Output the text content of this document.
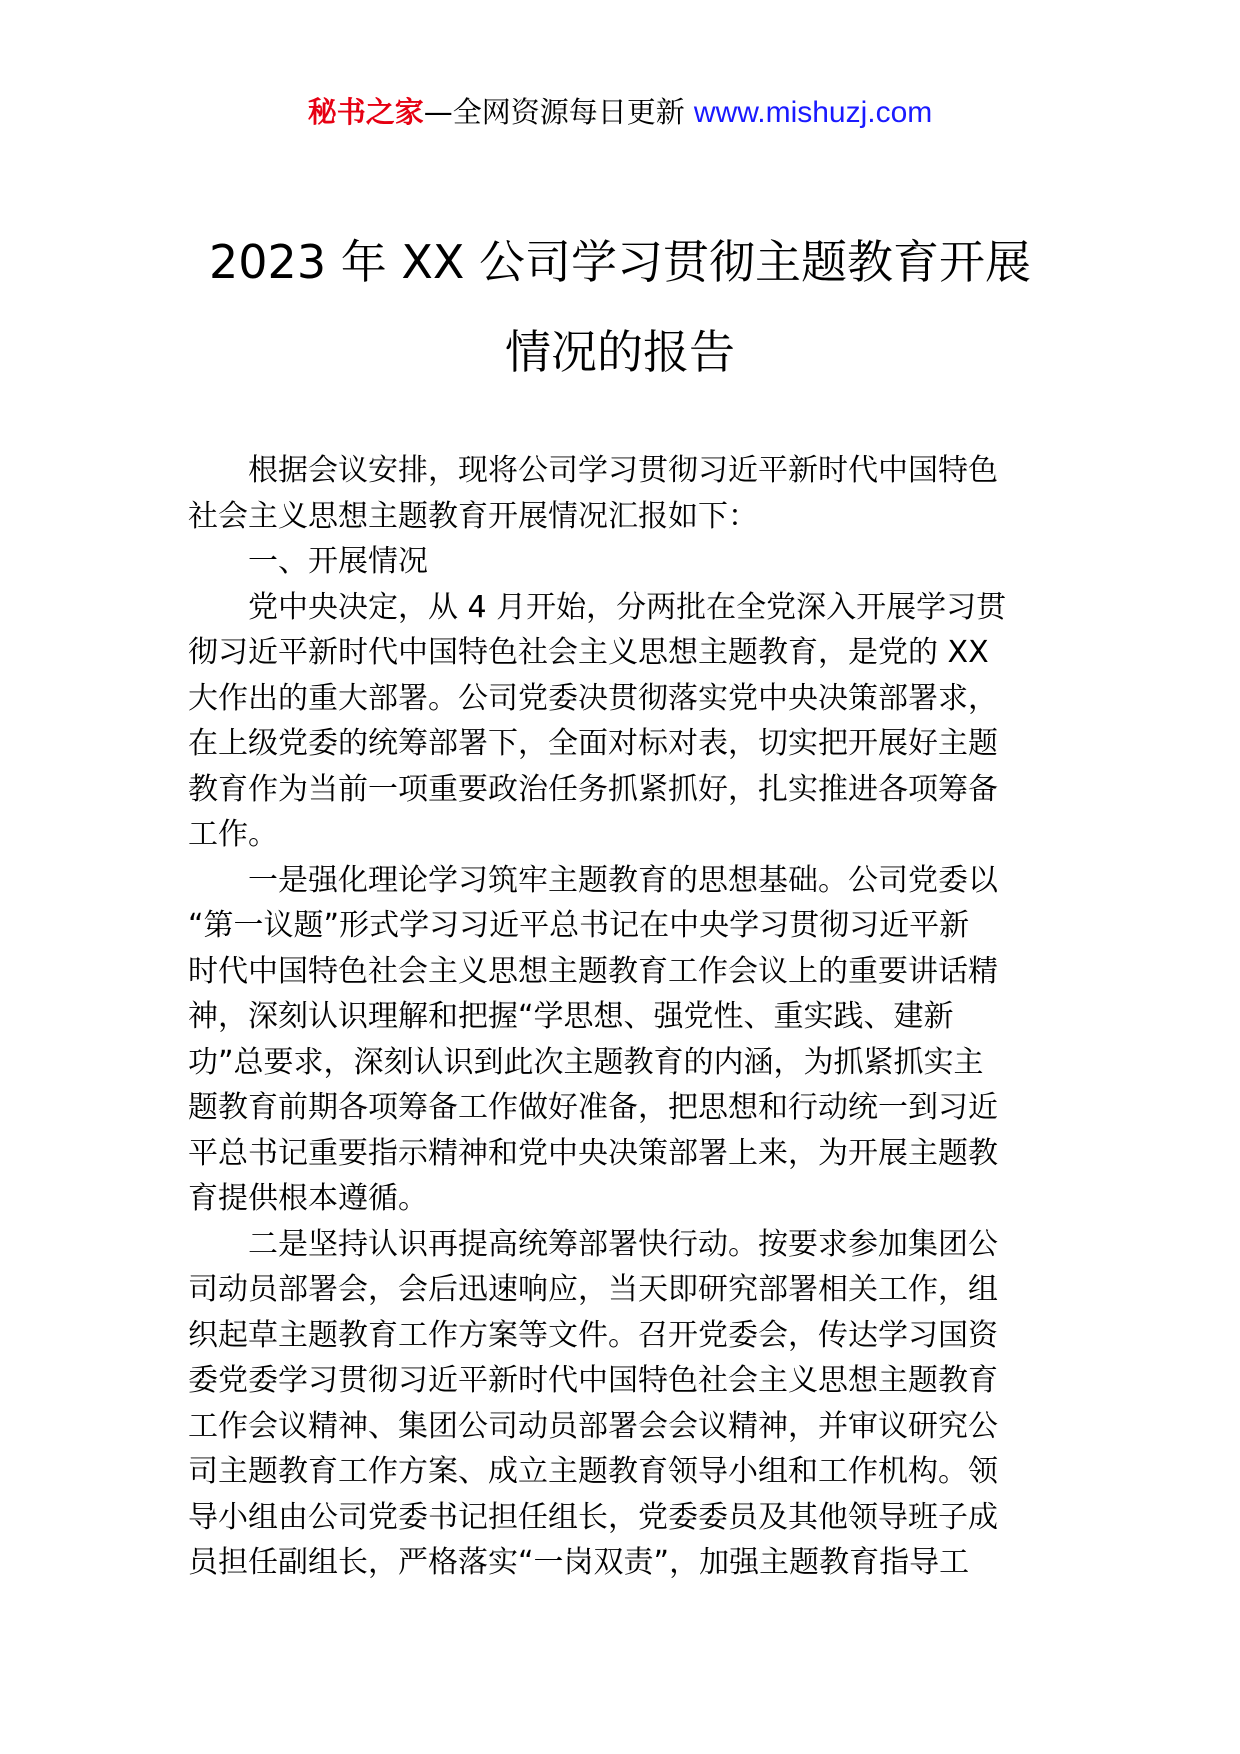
秘书之家—全网资源每日更新 www.mishuzj.com
2023 年 XX 公司学习贯彻主题教育开展
情况的报告

根据会议安排，现将公司学习贯彻习近平新时代中国特色
社会主义思想主题教育开展情况汇报如下：

一、开展情况

党中央决定，从 4 月开始，分两批在全党深入开展学习贯
彻习近平新时代中国特色社会主义思想主题教育，是党的 XX
大作出的重大部署。公司党委决贯彻落实党中央决策部署求，
在上级党委的统筹部署下，全面对标对表，切实把开展好主题
教育作为当前一项重要政治任务抓紧抓好，扎实推进各项筹备
工作。

一是强化理论学习筑牢主题教育的思想基础。公司党委以
“第一议题”形式学习习近平总书记在中央学习贯彻习近平新
时代中国特色社会主义思想主题教育工作会议上的重要讲话精
神，深刻认识理解和把握“学思想、强党性、重实践、建新
功”总要求，深刻认识到此次主题教育的内涵，为抓紧抓实主
题教育前期各项筹备工作做好准备，把思想和行动统一到习近
平总书记重要指示精神和党中央决策部署上来，为开展主题教
育提供根本遵循。

二是坚持认识再提高统筹部署快行动。按要求参加集团公
司动员部署会，会后迅速响应，当天即研究部署相关工作，组
织起草主题教育工作方案等文件。召开党委会，传达学习国资
委党委学习贯彻习近平新时代中国特色社会主义思想主题教育
工作会议精神、集团公司动员部署会会议精神，并审议研究公
司主题教育工作方案、成立主题教育领导小组和工作机构。领
导小组由公司党委书记担任组长，党委委员及其他领导班子成
员担任副组长，严格落实“一岗双责”，加强主题教育指导工
